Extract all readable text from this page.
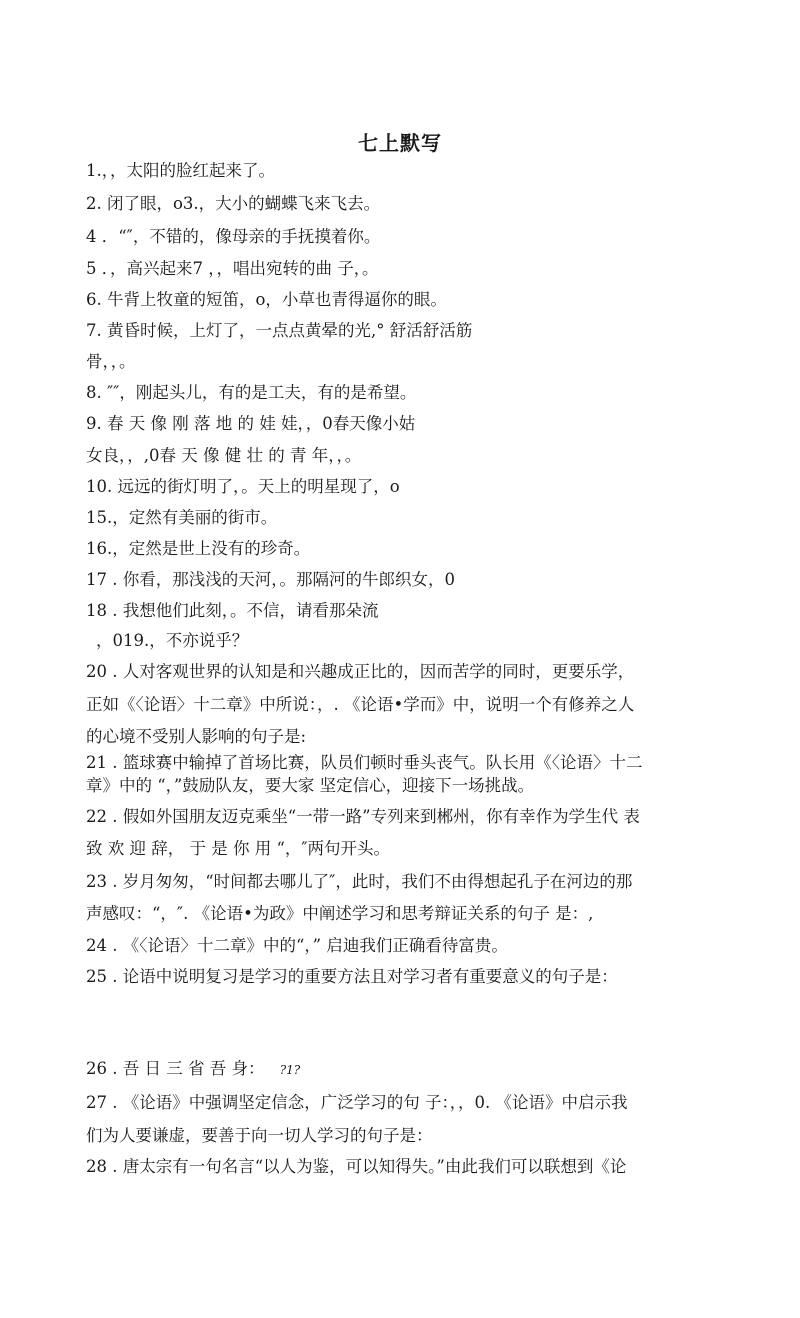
七上默写
1.，，太阳的脸红起来了。
2. 闭了眼，o3.，大小的蝴蝶飞来飞去。
4 ．“″，不错的，像母亲的手抚摸着你。
5 ．，高兴起来7 ，，唱出宛转的曲 子，。
6. 牛背上牧童的短笛，o，小草也青得逼你的眼。
7. 黄昏时候，上灯了，一点点黄晕的光,° 舒活舒活筋
骨，，。
8. ″″，刚起头儿，有的是工夫，有的是希望。
9. 春 天 像 刚 落 地 的 娃 娃，，0春天像小姑
女良，，,0春 天 像 健 壮 的 青 年，，。
10. 远远的街灯明了，。天上的明星现了，o
15.，定然有美丽的街市。
16.，定然是世上没有的珍奇。
17 . 你看，那浅浅的天河，。那隔河的牛郎织女，0
18 . 我想他们此刻，。不信，请看那朵流
，019.，不亦说乎？
20 . 人对客观世界的认知是和兴趣成正比的，因而苦学的同时，更要乐学，
正如《〈论语〉十二章》中所说：，. 《论语•学而》中，说明一个有修养之人
的心境不受别人影响的句子是:
21 . 篮球赛中输掉了首场比赛，队员们顿时垂头丧气。队长用《〈论语〉十二
章》中的 “，”鼓励队友，要大家 坚定信心，迎接下一场挑战。
22 . 假如外国朋友迈克乘坐“一带一路”专列来到郴州，你有幸作为学生代 表
致 欢 迎 辞， 于 是 你 用 “，″两句开头。
23 . 岁月匆匆，“时间都去哪儿了″，此时，我们不由得想起孔子在河边的那
声感叹：“，″. 《论语•为政》中阐述学习和思考辩证关系的句子 是：,
24 . 《〈论语〉十二章》中的“，” 启迪我们正确看待富贵。
25 . 论语中说明复习是学习的重要方法且对学习者有重要意义的句子是：
26 . 吾 日 三 省 吾 身： ?1?
27 . 《论语》中强调坚定信念，广泛学习的句 子：，，0. 《论语》中启示我
们为人要谦虚，要善于向一切人学习的句子是：
28 . 唐太宗有一句名言“以人为鉴，可以知得失。”由此我们可以联想到《论
